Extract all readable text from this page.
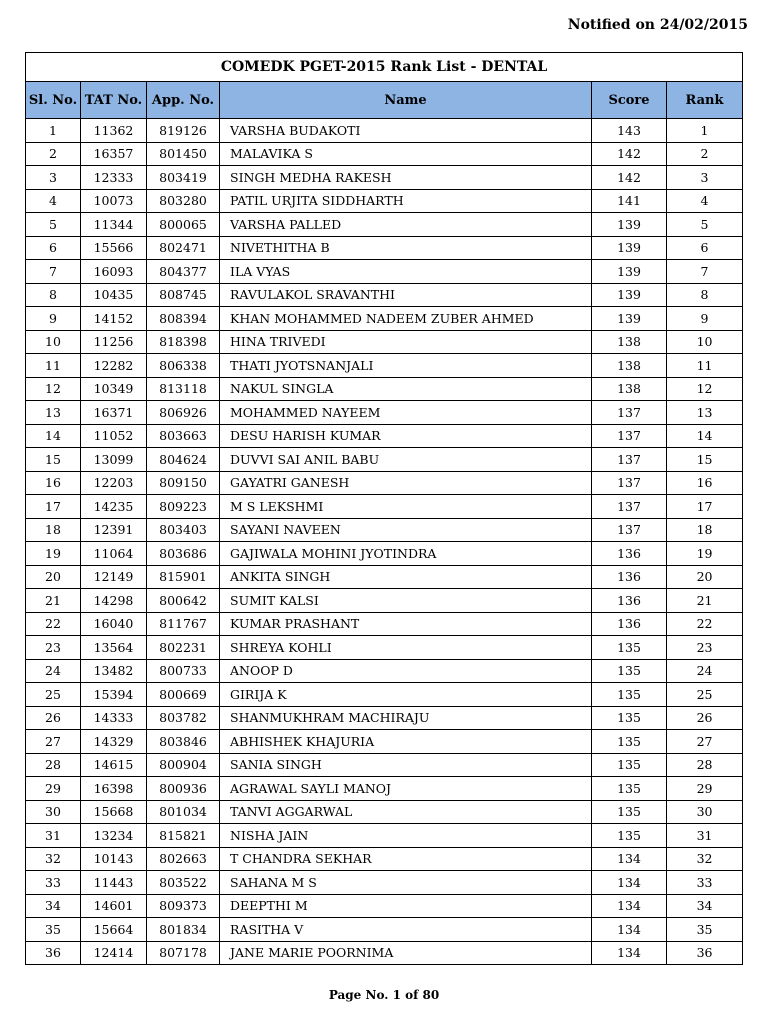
Notified on 24/02/2015
COMEDK PGET-2015 Rank List - DENTAL					
Sl. No.	TAT No.	App. No.	Name	Score	Rank
1	11362	819126	VARSHA BUDAKOTI	143	1
2	16357	801450	MALAVIKA S	142	2
3	12333	803419	SINGH MEDHA RAKESH	142	3
4	10073	803280	PATIL URJITA SIDDHARTH	141	4
5	11344	800065	VARSHA PALLED	139	5
6	15566	802471	NIVETHITHA B	139	6
7	16093	804377	ILA VYAS	139	7
8	10435	808745	RAVULAKOL SRAVANTHI	139	8
9	14152	808394	KHAN MOHAMMED NADEEM ZUBER AHMED	139	9
10	11256	818398	HINA TRIVEDI	138	10
11	12282	806338	THATI JYOTSNANJALI	138	11
12	10349	813118	NAKUL SINGLA	138	12
13	16371	806926	MOHAMMED NAYEEM	137	13
14	11052	803663	DESU HARISH KUMAR	137	14
15	13099	804624	DUVVI SAI ANIL BABU	137	15
16	12203	809150	GAYATRI GANESH	137	16
17	14235	809223	M S LEKSHMI	137	17
18	12391	803403	SAYANI NAVEEN	137	18
19	11064	803686	GAJIWALA MOHINI JYOTINDRA	136	19
20	12149	815901	ANKITA SINGH	136	20
21	14298	800642	SUMIT KALSI	136	21
22	16040	811767	KUMAR PRASHANT	136	22
23	13564	802231	SHREYA KOHLI	135	23
24	13482	800733	ANOOP D	135	24
25	15394	800669	GIRIJA K	135	25
26	14333	803782	SHANMUKHRAM MACHIRAJU	135	26
27	14329	803846	ABHISHEK KHAJURIA	135	27
28	14615	800904	SANIA SINGH	135	28
29	16398	800936	AGRAWAL SAYLI MANOJ	135	29
30	15668	801034	TANVI AGGARWAL	135	30
31	13234	815821	NISHA JAIN	135	31
32	10143	802663	T CHANDRA SEKHAR	134	32
33	11443	803522	SAHANA M S	134	33
34	14601	809373	DEEPTHI M	134	34
35	15664	801834	RASITHA V	134	35
36	12414	807178	JANE MARIE POORNIMA	134	36
Page No. 1 of 80
